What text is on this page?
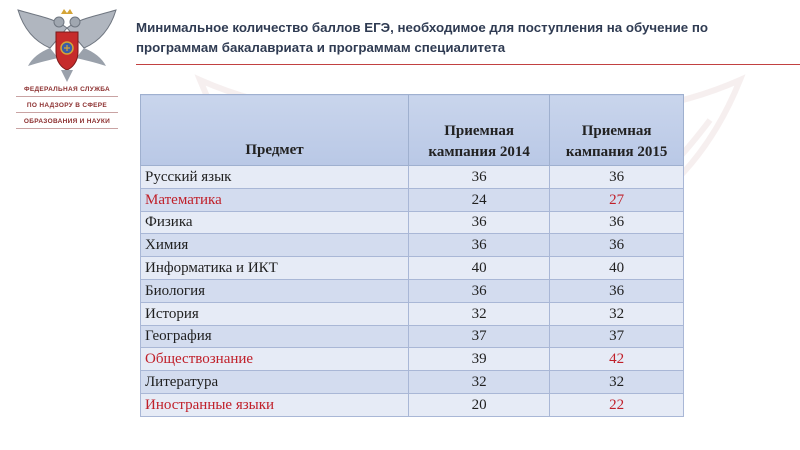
ФЕДЕРАЛЬНАЯ СЛУЖБА
ПО НАДЗОРУ В СФЕРЕ
ОБРАЗОВАНИЯ И НАУКИ
Минимальное количество баллов ЕГЭ, необходимое для поступления на обучение по
программам бакалавриата и программам специалитета
Предмет	Приемная кампания 2014	Приемная кампания 2015
Русский язык	36	36
Математика	24	27
Физика	36	36
Химия	36	36
Информатика и ИКТ	40	40
Биология	36	36
История	32	32
География	37	37
Обществознание	39	42
Литература	32	32
Иностранные языки	20	22
